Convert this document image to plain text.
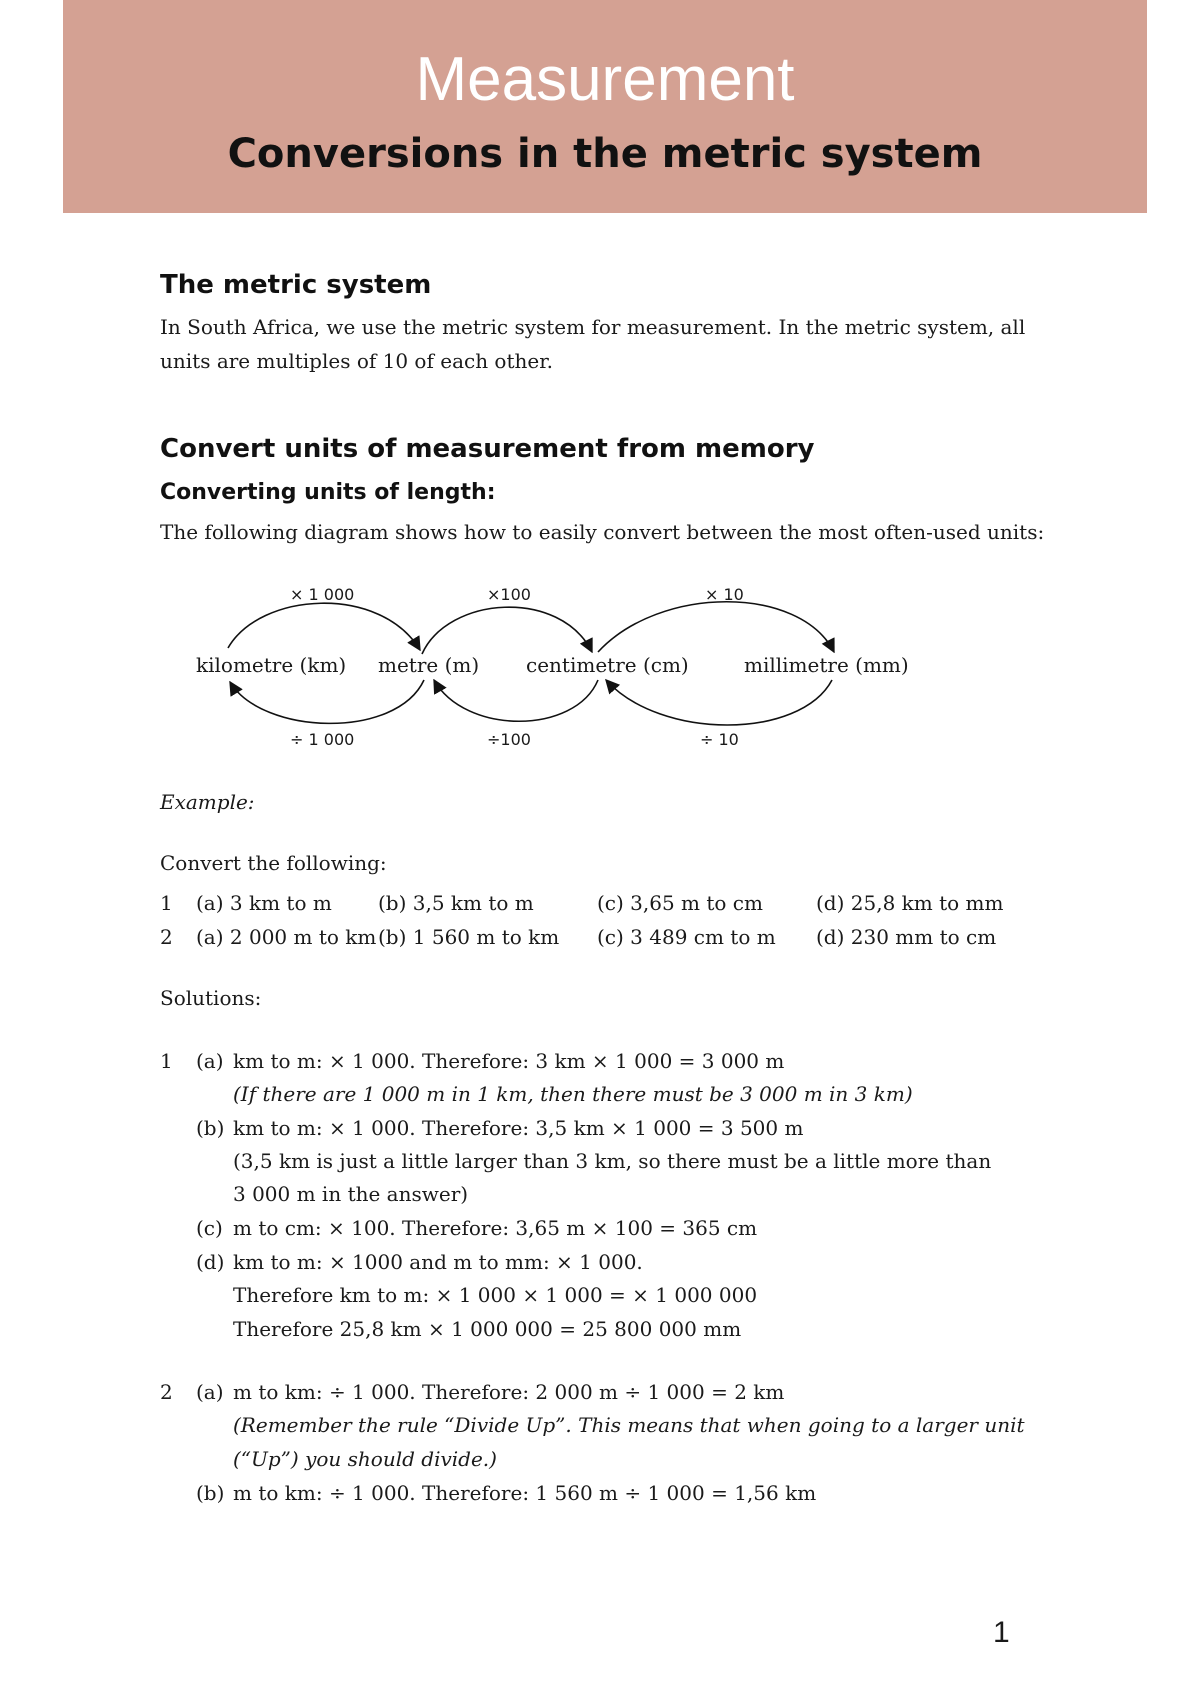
Measurement
Conversions in the metric system
The metric system
In South Africa, we use the metric system for measurement. In the metric system, all
units are multiples of 10 of each other.
Convert units of measurement from memory
Converting units of length:
The following diagram shows how to easily convert between the most often-used units:
× 1 000	×100	× 10
kilometre (km) metre (m) centimetre (cm)	millimetre (mm)
÷ 1 000	÷100	÷ 10
Example:
Convert the following:
1 (a) 3 km to m (b) 3,5 km to m	(c) 3,65 m to cm	(d) 25,8 km to mm
2 (a) 2 000 m to km (b) 1 560 m to km (c) 3 489 cm to m (d) 230 mm to cm
Solutions:
1 (a) km to m: × 1 000. Therefore: 3 km × 1 000 = 3 000 m
(If there are 1 000 m in 1 km, then there must be 3 000 m in 3 km)
(b) km to m: × 1 000. Therefore: 3,5 km × 1 000 = 3 500 m
(3,5 km is just a little larger than 3 km, so there must be a little more than
3 000 m in the answer)
(c) m to cm: × 100. Therefore: 3,65 m × 100 = 365 cm
(d) km to m: × 1000 and m to mm: × 1 000.
Therefore km to m: × 1 000 × 1 000 = × 1 000 000
Therefore 25,8 km × 1 000 000 = 25 800 000 mm
2 (a) m to km: ÷ 1 000. Therefore: 2 000 m ÷ 1 000 = 2 km
(Remember the rule “Divide Up”. This means that when going to a larger unit
(“Up”) you should divide.)
(b) m to km: ÷ 1 000. Therefore: 1 560 m ÷ 1 000 = 1,56 km
1
